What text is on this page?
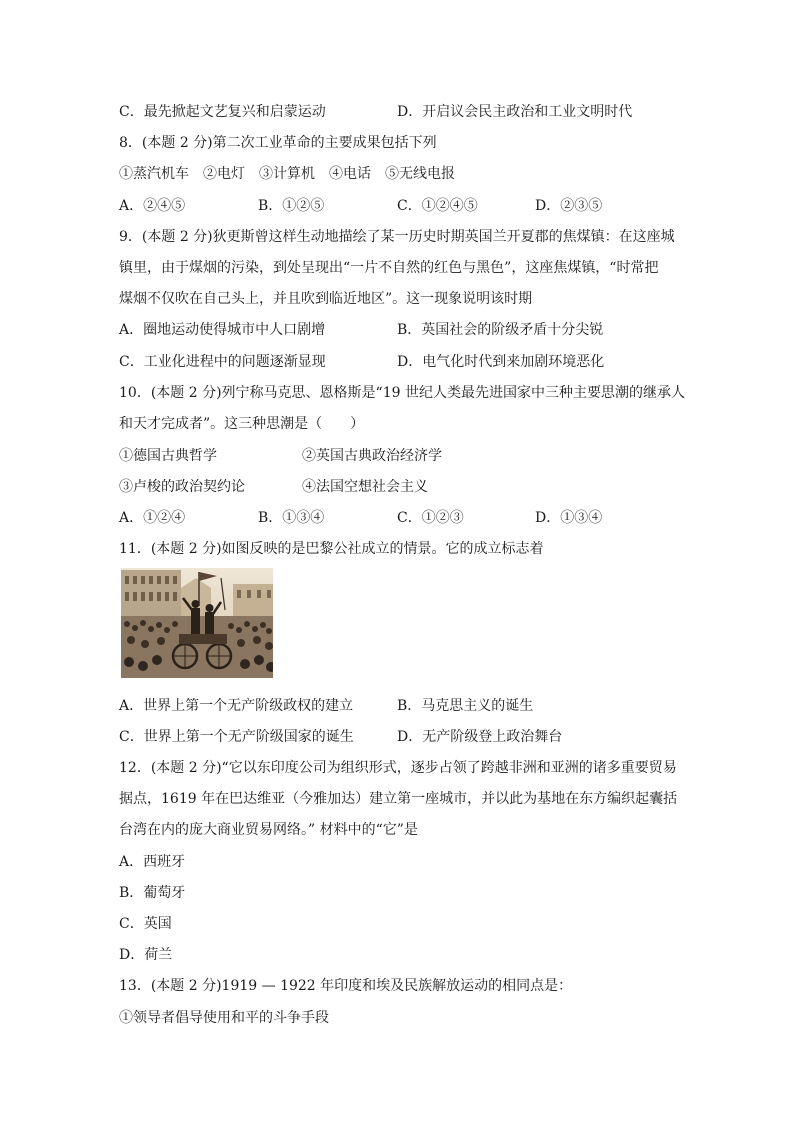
C．最先掀起文艺复兴和启蒙运动	D．开启议会民主政治和工业文明时代
8．(本题 2 分)第二次工业革命的主要成果包括下列
①蒸汽机车　②电灯　③计算机　④电话　⑤无线电报
A．②④⑤	B．①②⑤	C．①②④⑤	D．②③⑤
9．(本题 2 分)狄更斯曾这样生动地描绘了某一历史时期英国兰开夏郡的焦煤镇：在这座城
镇里，由于煤烟的污染，到处呈现出“一片不自然的红色与黑色”，这座焦煤镇，“时常把
煤烟不仅吹在自己头上，并且吹到临近地区”。这一现象说明该时期
A．圈地运动使得城市中人口剧增	B．英国社会的阶级矛盾十分尖锐
C．工业化进程中的问题逐渐显现	D．电气化时代到来加剧环境恶化
10．(本题 2 分)列宁称马克思、恩格斯是“19 世纪人类最先进国家中三种主要思潮的继承人
和天才完成者”。这三种思潮是（　　）
①德国古典哲学	②英国古典政治经济学
③卢梭的政治契约论	④法国空想社会主义
A．①②④	B．①③④	C．①②③	D．①③④
11．(本题 2 分)如图反映的是巴黎公社成立的情景。它的成立标志着
A．世界上第一个无产阶级政权的建立	B．马克思主义的诞生
C．世界上第一个无产阶级国家的诞生	D．无产阶级登上政治舞台
12．(本题 2 分)“它以东印度公司为组织形式，逐步占领了跨越非洲和亚洲的诸多重要贸易
据点，1619 年在巴达维亚（今雅加达）建立第一座城市，并以此为基地在东方编织起囊括
台湾在内的庞大商业贸易网络。” 材料中的“它”是
A．西班牙
B．葡萄牙
C．英国
D．荷兰
13．(本题 2 分)1919 — 1922 年印度和埃及民族解放运动的相同点是：
①领导者倡导使用和平的斗争手段
